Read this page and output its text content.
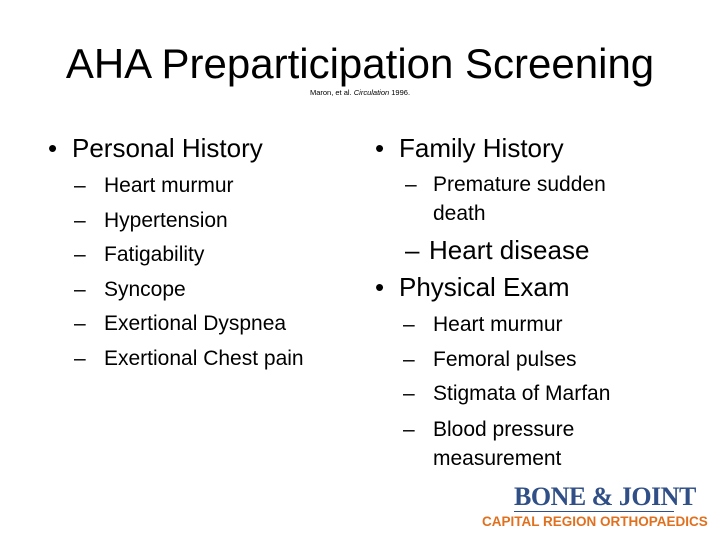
AHA Preparticipation Screening
Maron, et al. Circulation 1996.
• Personal History
– Heart murmur
– Hypertension
– Fatigability
– Syncope
– Exertional Dyspnea
– Exertional Chest pain
• Family History
– Premature sudden death
– Heart disease
• Physical Exam
– Heart murmur
– Femoral pulses
– Stigmata of Marfan
– Blood pressure measurement
BONE & JOINT
CAPITAL REGION ORTHOPAEDICS
